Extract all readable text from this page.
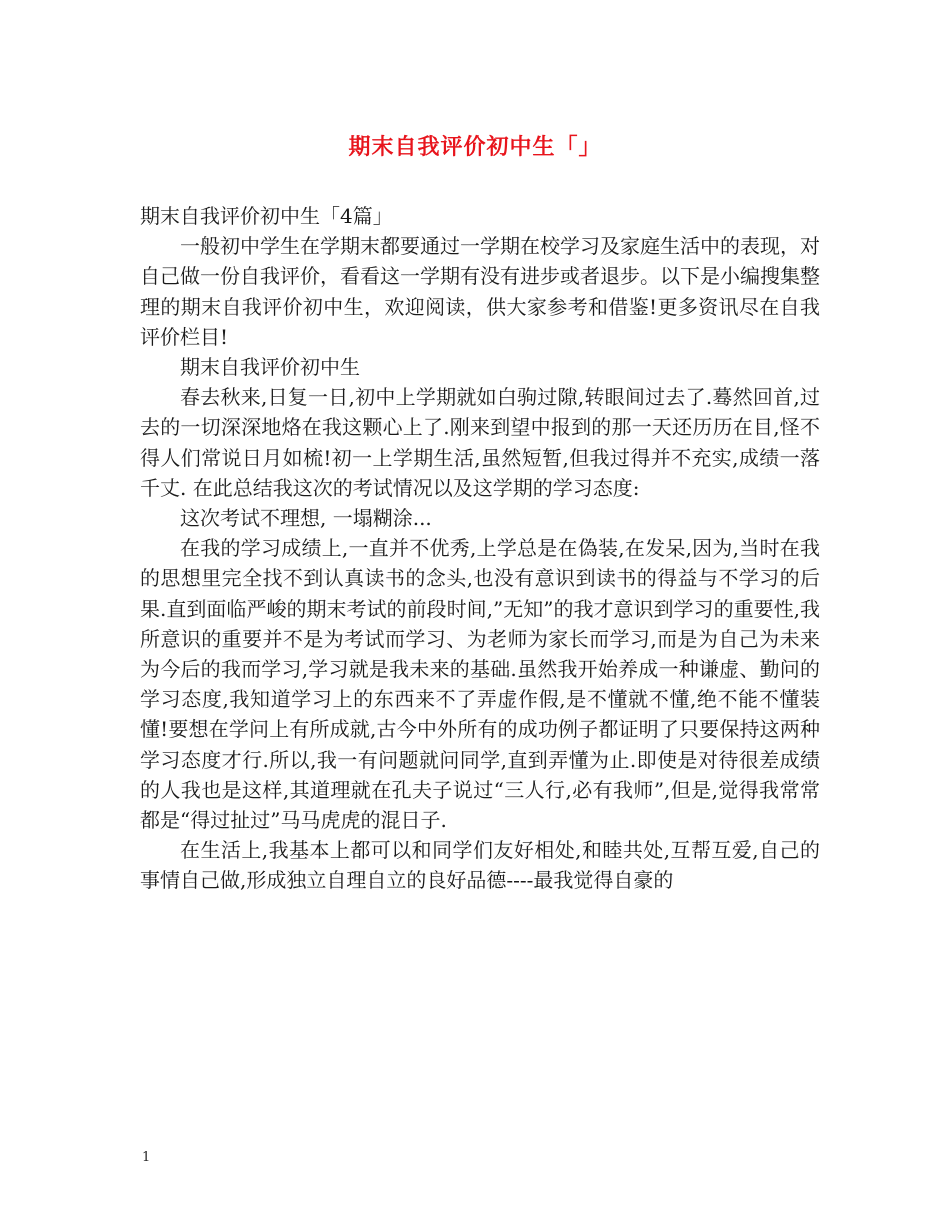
期末自我评价初中生「」

期末自我评价初中生「4篇」

一般初中学生在学期末都要通过一学期在校学习及家庭生活中的表现，对自己做一份自我评价，看看这一学期有没有进步或者退步。以下是小编搜集整理的期末自我评价初中生，欢迎阅读，供大家参考和借鉴!更多资讯尽在自我评价栏目!

期末自我评价初中生

春去秋来,日复一日,初中上学期就如白驹过隙,转眼间过去了.蓦然回首,过去的一切深深地烙在我这颗心上了.刚来到望中报到的那一天还历历在目,怪不得人们常说日月如梳!初一上学期生活,虽然短暂,但我过得并不充实,成绩一落千丈. 在此总结我这次的考试情况以及这学期的学习态度:

这次考试不理想, 一塌糊涂...

在我的学习成绩上,一直并不优秀,上学总是在偽装,在发呆,因为,当时在我的思想里完全找不到认真读书的念头,也没有意识到读书的得益与不学习的后果.直到面临严峻的期末考试的前段时间,”无知”的我才意识到学习的重要性,我所意识的重要并不是为考试而学习、为老师为家长而学习,而是为自己为未来为今后的我而学习,学习就是我未来的基础.虽然我开始养成一种谦虚、勤问的学习态度,我知道学习上的东西来不了弄虚作假,是不懂就不懂,绝不能不懂装懂!要想在学问上有所成就,古今中外所有的成功例子都证明了只要保持这两种学习态度才行.所以,我一有问题就问同学,直到弄懂为止.即使是对待很差成绩的人我也是这样,其道理就在孔夫子说过“三人行,必有我师”,但是,觉得我常常都是“得过扯过”马马虎虎的混日子.

在生活上,我基本上都可以和同学们友好相处,和睦共处,互帮互爱,自己的事情自己做,形成独立自理自立的良好品德----最我觉得自豪的

1
